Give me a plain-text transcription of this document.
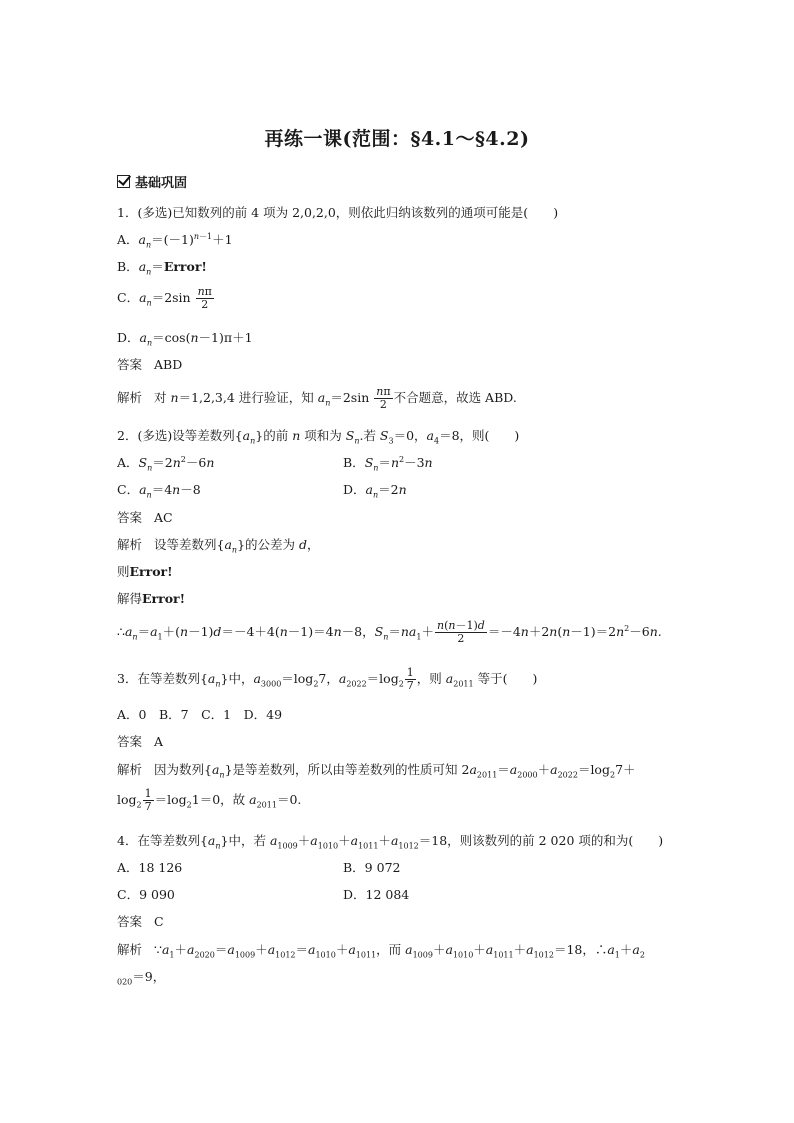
再练一课(范围：§4.1～§4.2)
基础巩固
1．(多选)已知数列的前 4 项为 2,0,2,0，则依此归纳该数列的通项可能是(　　)
A．$a_n=(-1)^{n-1}+1$
B．$a_n=Error$!
C．$a_n=2\sin \frac{n\pi}{2}$
D．$a_n=\cos(n-1)\pi+1$
答案 ABD
解析 对 n＝1,2,3,4 进行验证，知 $a_n=2\sin \frac{n\pi}{2}$ 不合题意，故选 ABD.
2．(多选)设等差数列$\{a_n\}$的前 n 项和为 $S_n$.若 $S_3=0$，$a_4=8$，则(　　)
A．$S_n=2n^2-6n$	B．$S_n=n^2-3n$
C．$a_n=4n-8$	D．$a_n=2n$
答案 AC
解析 设等差数列$\{a_n\}$的公差为 d，
则Error!
解得Error!
$\therefore a_n=a_1+(n-1)d=-4+4(n-1)=4n-8$，$S_n=na_1+ \frac{n(n-1)d}{2} =-4n+2n(n-1)=2n^2-6n$.
3．在等差数列$\{a_n\}$中，$a_{3000}=\log_27$，$a_{2022}=\log_2 \frac{1}{7}$ ，则 $a_{2011}$ 等于(　　)
A．0　B．7　C．1　D．49
答案 A
解析 因为数列$\{a_n\}$是等差数列，所以由等差数列的性质可知 $2a_{2011}=a_{2000}+a_{2022}=\log_27+$
$\log_2 \frac{1}{7} =\log_21=0$，故 $a_{2011}=0$.
4．在等差数列$\{a_n\}$中，若 $a_{1009}+a_{1010}+a_{1011}+a_{1012}=18$，则该数列的前 2 020 项的和为(　　)
A．18 126	B．9 072
C．9 090	D．12 084
答案 C
解析 $\because a_1+a_{2020}=a_{1009}+a_{1012}=a_{1010}+a_{1011}$，而 $a_{1009}+a_{1010}+a_{1011}+a_{1012}=18$，$\therefore a_1+a_2$
$_{020}$＝9，
